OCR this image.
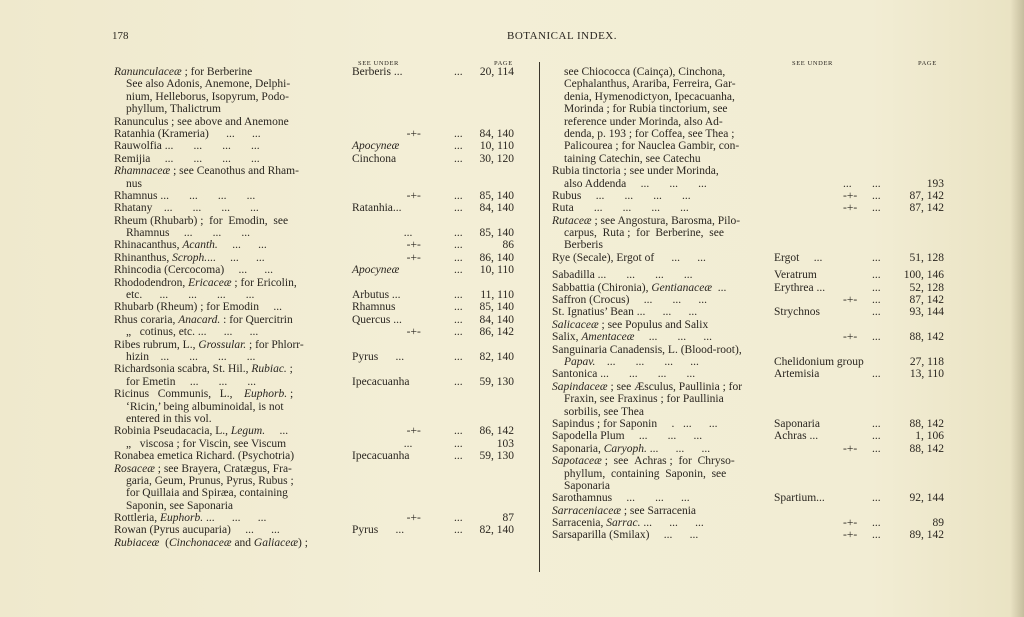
178	BOTANICAL INDEX.
SEE UNDER	PAGE	SEE UNDER	PAGE
Ranunculaceæ ; for Berberine	Berberis ...	... 20, 114
See also Adonis, Anemone, Delphi-
nium, Helleborus, Isopyrum, Podo-
phyllum, Thalictrum
Ranunculus ; see above and Anemone
Ratanhia (Krameria)      ...      ...	-+-	... 84, 140
Rauwolfia ...       ...       ...       ...	Apocyneæ	... 10, 110
Remijia     ...       ...       ...       ...	Cinchona	... 30, 120
Rhamnaceæ ; see Ceanothus and Rham-
nus
Rhamnus ...       ...       ...       ...	-+-	... 85, 140
Rhatany    ...       ...       ...       ...	Ratanhia...	... 84, 140
Rheum (Rhubarb) ;  for  Emodin,  see
Rhamnus     ...       ...       ...	...	... 85, 140
Rhinacanthus, Acanth.     ...      ...	-+-	...	86
Rhinanthus, Scroph....     ...      ...	-+-	... 86, 140
Rhincodia (Cercocoma)     ...      ...	Apocyneæ	... 10, 110
Rhododendron, Ericaceæ ; for Ericolin,
etc.      ...       ...       ...       ...	Arbutus ...	... 11, 110
Rhubarb (Rheum) ; for Emodin     ...	Rhamnus	... 85, 140
Rhus coraria, Anacard. : for Quercitrin	Quercus ...	... 84, 140
„   cotinus, etc. ...      ...      ...	-+-	... 86, 142
Ribes rubrum, L., Grossular. ; for Phlorr-
hizin    ...       ...       ...       ...	Pyrus      ...	... 82, 140
Richardsonia scabra, St. Hil., Rubiac. ;
for Emetin     ...       ...       ...	Ipecacuanha	... 59, 130
Ricinus   Communis,   L.,    Euphorb. ;
‘Ricin,’ being albuminoidal, is not
entered in this vol.
Robinia Pseudacacia, L., Legum.     ...	-+-	... 86, 142
„   viscosa ; for Viscin, see Viscum	...	...	103
Ronabea emetica Richard. (Psychotria)	Ipecacuanha	... 59, 130
Rosaceæ ; see Brayera, Cratægus, Fra-
garia, Geum, Prunus, Pyrus, Rubus ;
for Quillaia and Spiræa, containing
Saponin, see Saponaria
Rottleria, Euphorb. ...      ...      ...	-+-	...	87
Rowan (Pyrus aucuparia)     ...      ...	Pyrus      ...	... 82, 140
Rubiaceæ  (Cinchonaceæ and Galiaceæ) ;
see Chiococca (Cainça), Cinchona,
Cephalanthus, Arariba, Ferreira, Gar-
denia, Hymenodictyon, Ipecacuanha,
Morinda ; for Rubia tinctorium, see
reference under Morinda, also Ad-
denda, p. 193 ; for Coffea, see Thea ;
Palicourea ; for Nauclea Gambir, con-
taining Catechin, see Catechu
Rubia tinctoria ; see under Morinda,
also Addenda     ...       ...       ...	... ...	193
Rubus     ...       ...       ...       ...	-+- ...	87, 142
Ruta       ...       ...       ...       ...	-+- ...	87, 142
Rutaceæ ; see Angostura, Barosma, Pilo-
carpus,  Ruta ;  for  Berberine,  see
Berberis
Rye (Secale), Ergot of      ...      ...	Ergot     ...	...	51, 128
Sabadilla ...       ...       ...       ...	Veratrum	... 100, 146
Sabbattia (Chironia), Gentianaceæ  ...	Erythrea ...	...	52, 128
Saffron (Crocus)     ...       ...      ...	-+- ...	87, 142
St. Ignatius’ Bean ...      ...      ...	Strychnos	...	93, 144
Salicaceæ ; see Populus and Salix
Salix, Amentaceæ     ...       ...      ...	-+- ...	88, 142
Sanguinaria Canadensis, L. (Blood-root),
Papav.    ...       ...       ...      ...	Chelidonium group	27, 118
Santonica ...       ...       ...       ...	Artemisia	...	13, 110
Sapindaceæ ; see Æsculus, Paullinia ; for
Fraxin, see Fraxinus ; for Paullinia
sorbilis, see Thea
Sapindus ; for Saponin     .   ...      ...	Saponaria	...	88, 142
Sapodella Plum     ...       ...      ...	Achras ...	...	1, 106
Saponaria, Caryoph. ...      ...      ...	-+- ...	88, 142
Sapotaceæ ;  see  Achras ;  for  Chryso-
phyllum,  containing  Saponin,  see
Saponaria
Sarothamnus     ...       ...      ...	Spartium...	...	92, 144
Sarraceniaceæ ; see Sarracenia
Sarracenia, Sarrac. ...      ...      ...	-+- ...	89
Sarsaparilla (Smilax)     ...      ...	-+- ...	89, 142
